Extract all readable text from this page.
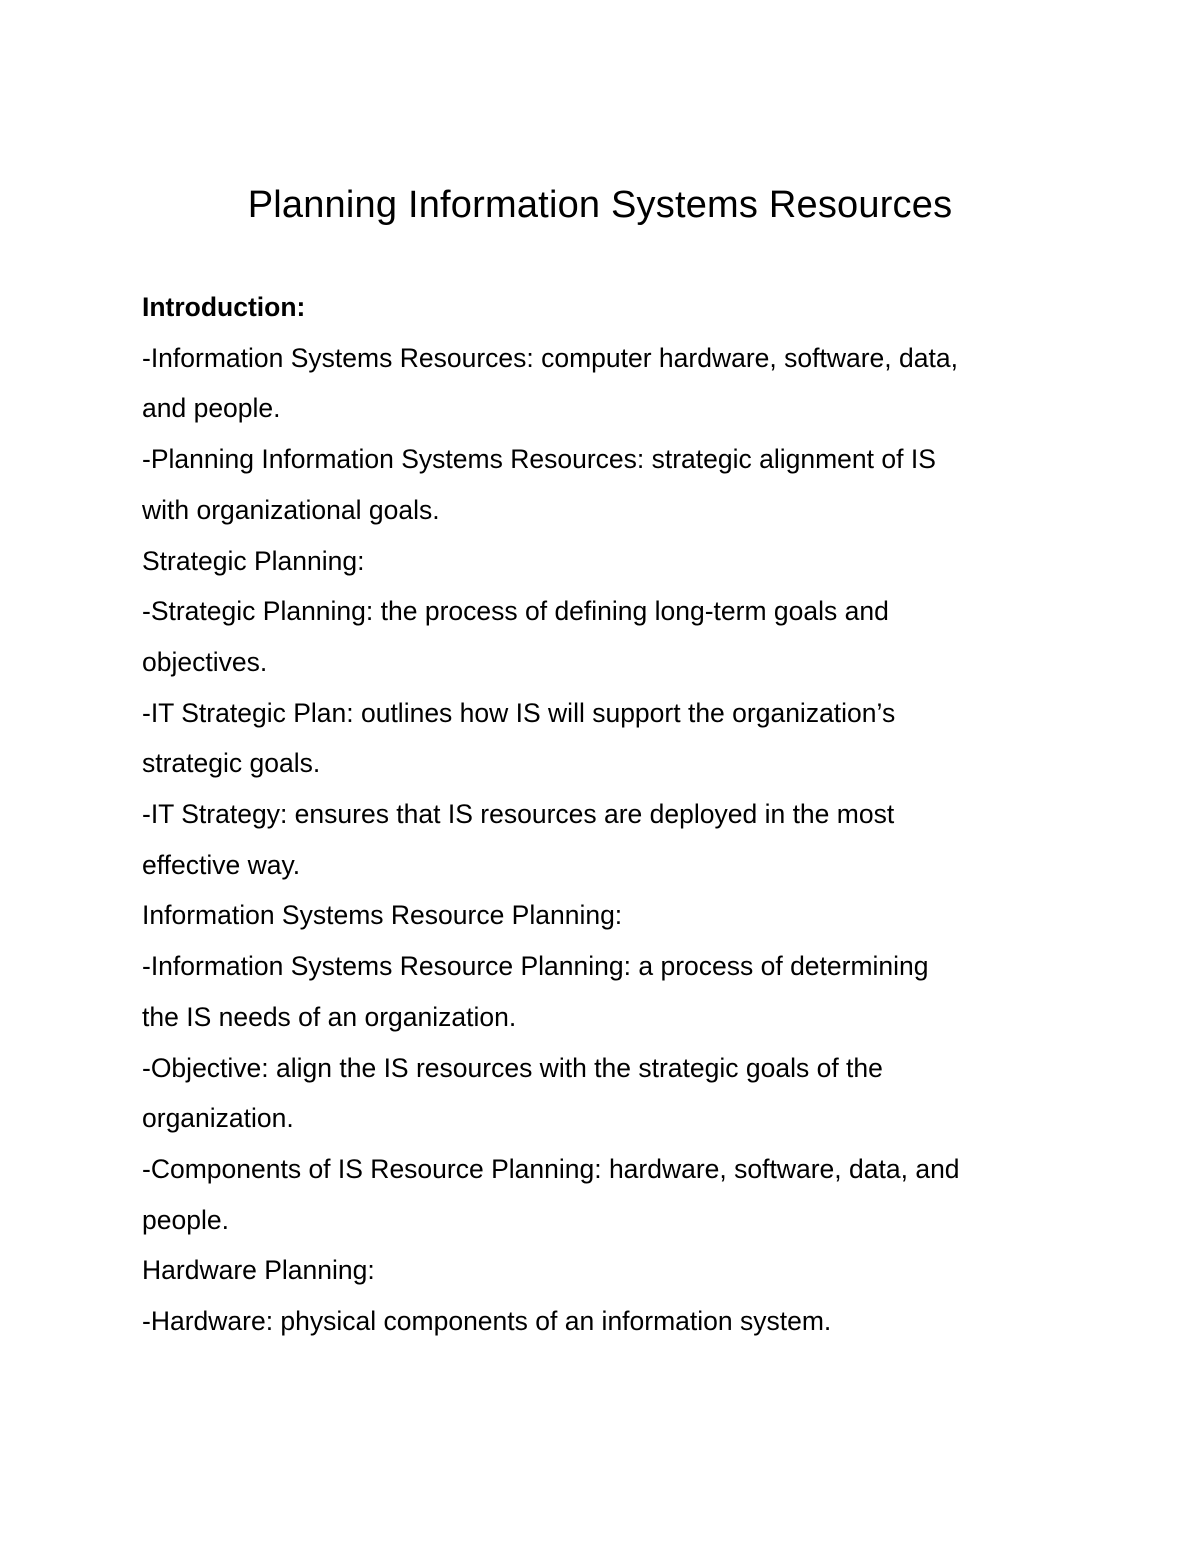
Planning Information Systems Resources
Introduction:
-Information Systems Resources: computer hardware, software, data,
and people.
-Planning Information Systems Resources: strategic alignment of IS
with organizational goals.
Strategic Planning:
-Strategic Planning: the process of defining long-term goals and
objectives.
-IT Strategic Plan: outlines how IS will support the organization’s
strategic goals.
-IT Strategy: ensures that IS resources are deployed in the most
effective way.
Information Systems Resource Planning:
-Information Systems Resource Planning: a process of determining
the IS needs of an organization.
-Objective: align the IS resources with the strategic goals of the
organization.
-Components of IS Resource Planning: hardware, software, data, and
people.
Hardware Planning:
-Hardware: physical components of an information system.
